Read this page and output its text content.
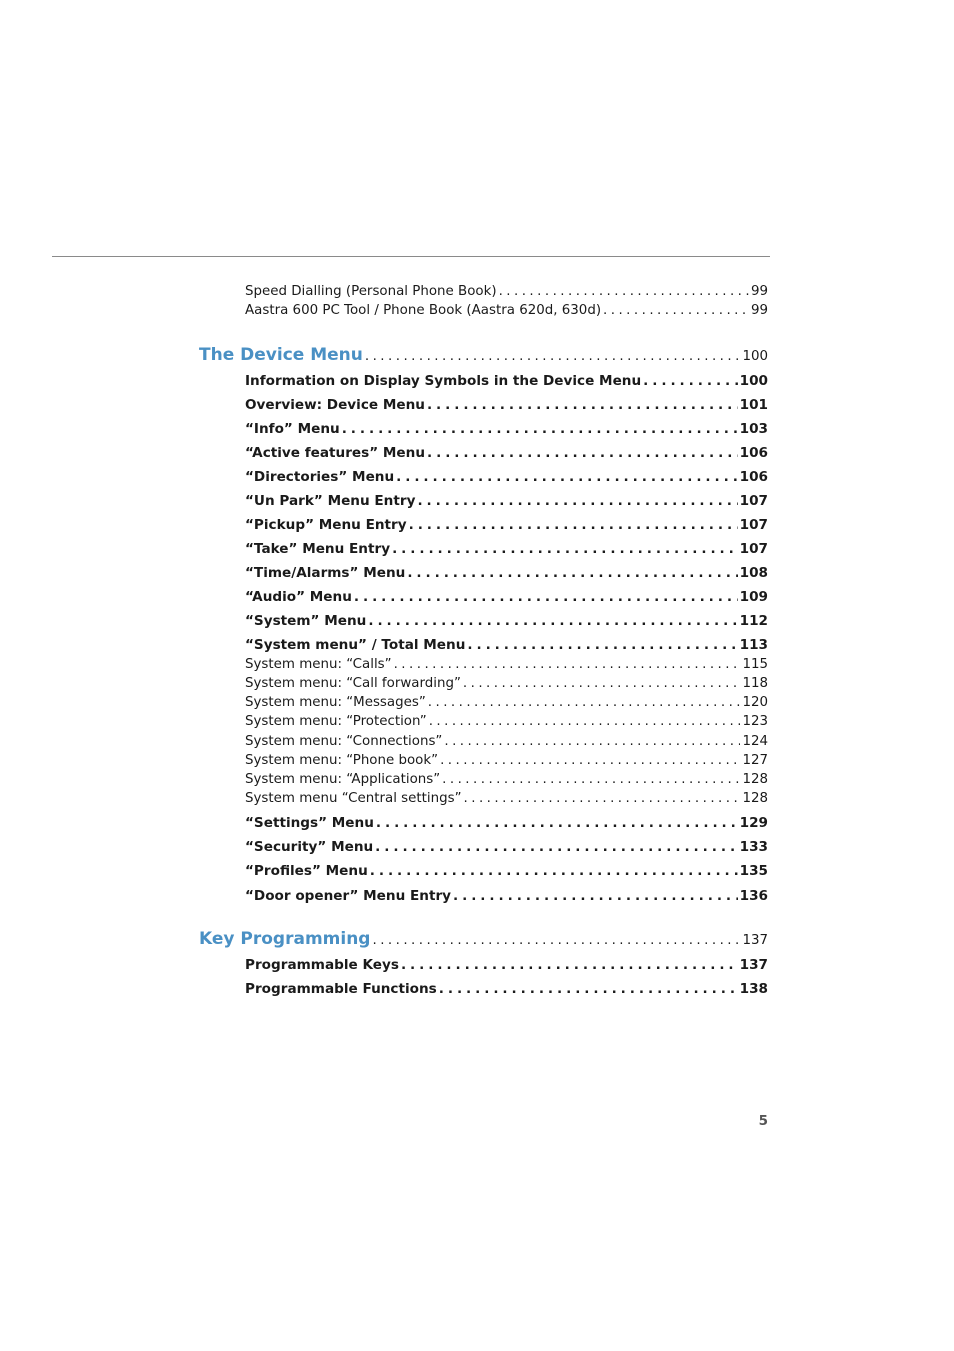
Speed Dialling (Personal Phone Book) . . .	99
Aastra 600 PC Tool / Phone Book (Aastra 620d, 630d) . . .	99
The Device Menu . . .	100
Information on Display Symbols in the Device Menu . . .	100
Overview: Device Menu . . .	101
“Info” Menu . . .	103
“Active features” Menu . . .	106
“Directories” Menu . . .	106
“Un Park” Menu Entry . . .	107
“Pickup” Menu Entry . . .	107
“Take” Menu Entry . . .	107
“Time/Alarms” Menu . . .	108
“Audio” Menu . . .	109
“System” Menu . . .	112
“System menu” / Total Menu . . .	113
System menu: “Calls” . . .	115
System menu: “Call forwarding” . . .	118
System menu: “Messages” . . .	120
System menu: “Protection” . . .	123
System menu: “Connections” . . .	124
System menu: “Phone book” . . .	127
System menu: “Applications” . . .	128
System menu “Central settings” . . .	128
“Settings” Menu . . .	129
“Security” Menu . . .	133
“Profiles” Menu . . .	135
“Door opener” Menu Entry . . .	136
Key Programming . . .	137
Programmable Keys . . .	137
Programmable Functions . . .	138
5
